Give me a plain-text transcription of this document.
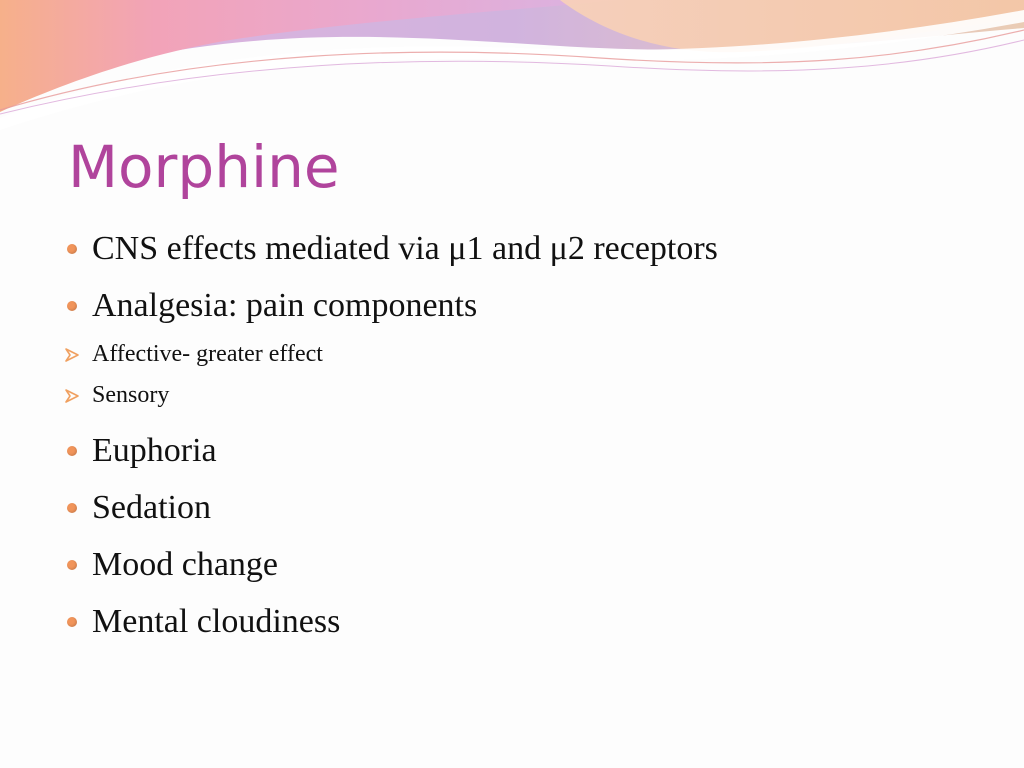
Morphine
CNS effects mediated via μ1 and μ2 receptors
Analgesia: pain components
Affective- greater effect
Sensory
Euphoria
Sedation
Mood change
Mental cloudiness
